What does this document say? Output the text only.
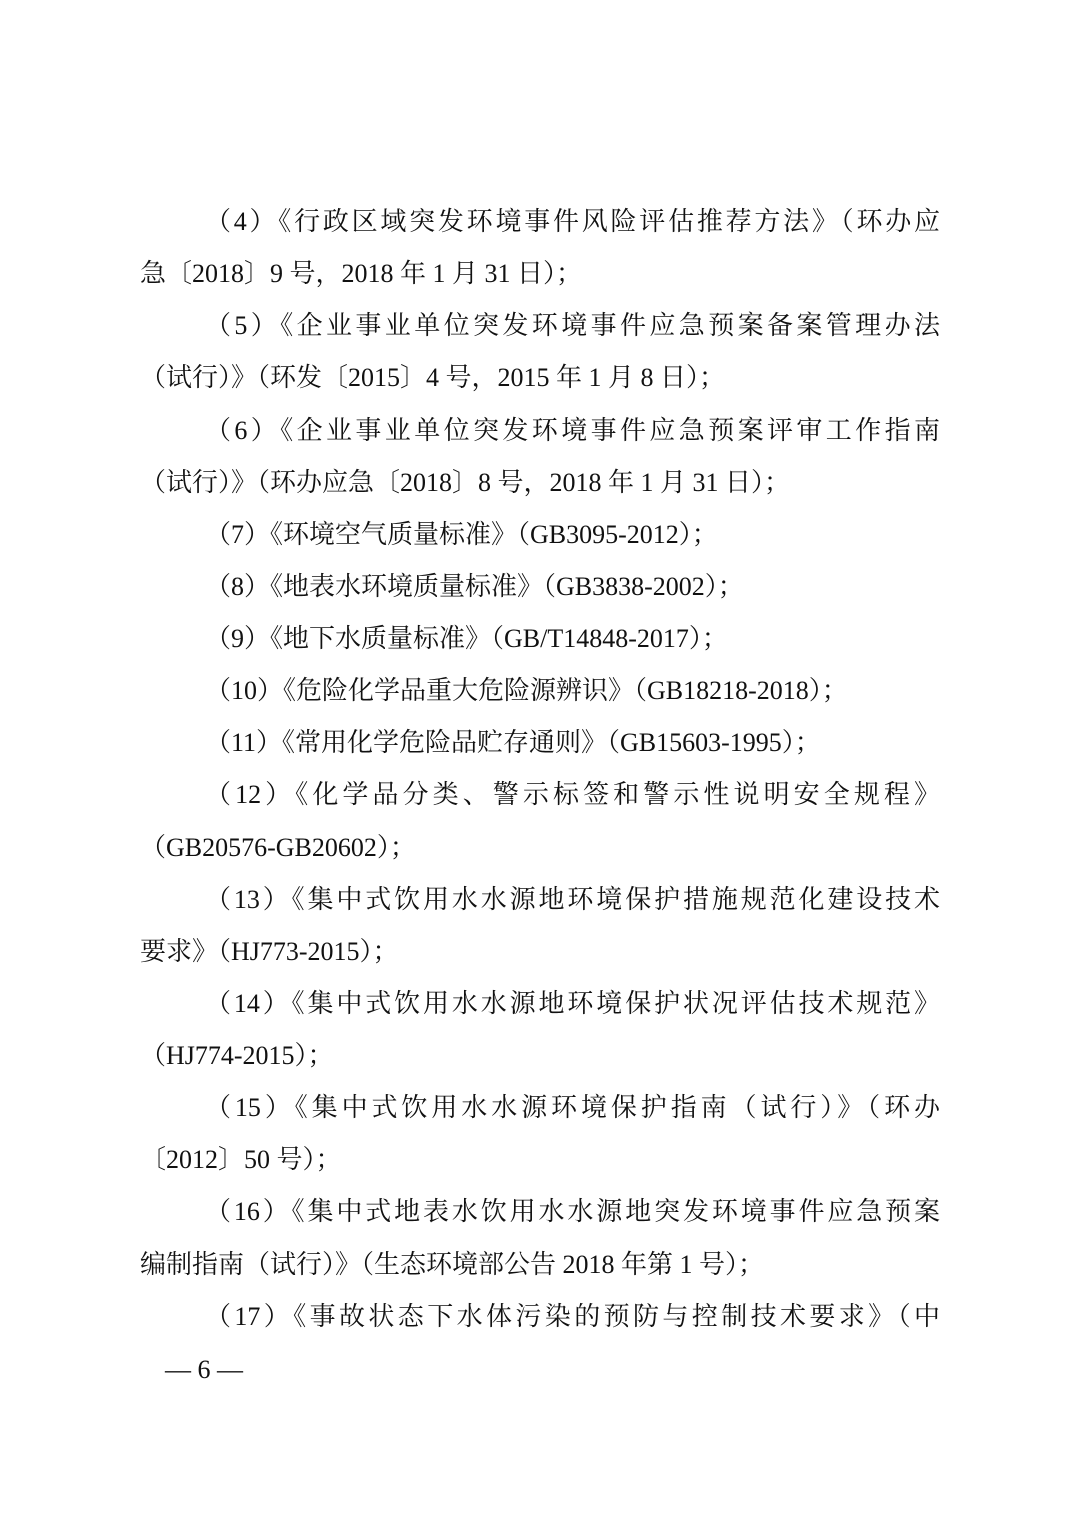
（4）《行政区域突发环境事件风险评估推荐方法》（环办应
急〔2018〕9 号，2018 年 1 月 31 日）；
（5）《企业事业单位突发环境事件应急预案备案管理办法
（试行）》（环发〔2015〕4 号，2015 年 1 月 8 日）；
（6）《企业事业单位突发环境事件应急预案评审工作指南
（试行）》（环办应急〔2018〕8 号，2018 年 1 月 31 日）；
（7）《环境空气质量标准》（GB3095-2012）；
（8）《地表水环境质量标准》（GB3838-2002）；
（9）《地下水质量标准》（GB/T14848-2017）；
（10）《危险化学品重大危险源辨识》（GB18218-2018）；
（11）《常用化学危险品贮存通则》（GB15603-1995）；
（12）《化学品分类、警示标签和警示性说明安全规程》
（GB20576-GB20602）；
（13）《集中式饮用水水源地环境保护措施规范化建设技术
要求》（HJ773-2015）；
（14）《集中式饮用水水源地环境保护状况评估技术规范》
（HJ774-2015）；
（15）《集中式饮用水水源环境保护指南（试行）》（环办
〔2012〕50 号）；
（16）《集中式地表水饮用水水源地突发环境事件应急预案
编制指南（试行）》（生态环境部公告 2018 年第 1 号）；
（17）《事故状态下水体污染的预防与控制技术要求》（中
— 6 —
